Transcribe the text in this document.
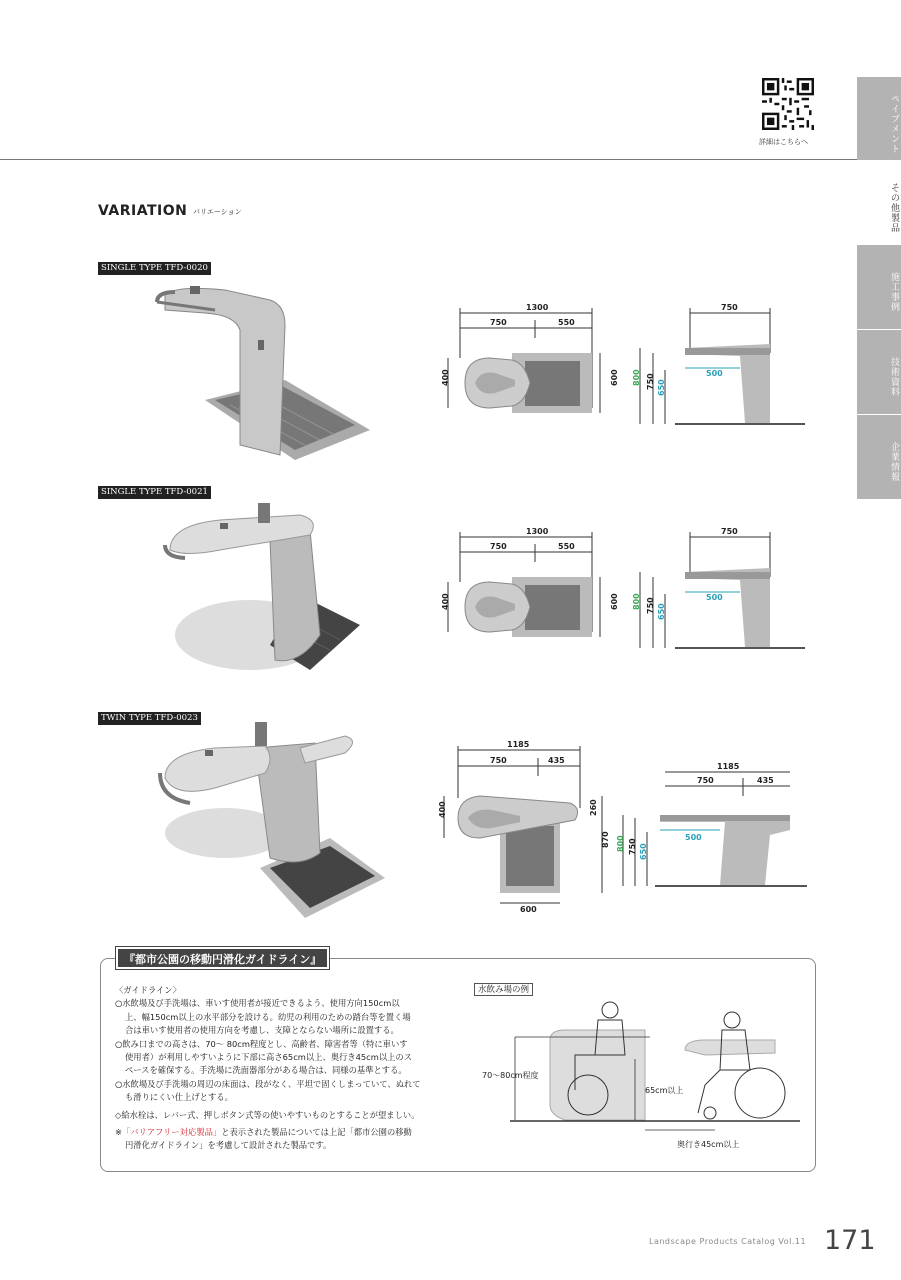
ペイブメント
その他製品
施工事例
技術資料
企業情報
詳細はこちらへ
VARIATION バリエーション
SINGLE TYPE TFD-0020
1300
750	550
400	600
750
800 750 650
500
SINGLE TYPE TFD-0021
1300
750	550
400	600
750
800 750 650
500
TWIN TYPE TFD-0023
1185
750	435
400	260
870
600
1185
750	435
800 750 650
500
『都市公園の移動円滑化ガイドライン』

〈ガイドライン〉

○水飲場及び手洗場は、車いす使用者が接近できるよう、使用方向150cm以

上、幅150cm以上の水平部分を設ける。幼児の利用のための踏台等を置く場

合は車いす使用者の使用方向を考慮し、支障とならない場所に設置する。

○飲み口までの高さは、70～ 80cm程度とし、高齢者、障害者等（特に車いす

使用者）が利用しやすいように下部に高さ65cm以上、奥行き45cm以上のス

ペースを確保する。手洗場に洗面器部分がある場合は、同様の基準とする。

○水飲場及び手洗場の周辺の床面は、段がなく、平坦で固くしまっていて、ぬれて

も滑りにくい仕上げとする。

◇給水栓は、レバー式、押しボタン式等の使いやすいものとすることが望ましい。

※「バリアフリー対応製品」と表示された製品については上記「都市公園の移動

円滑化ガイドライン」を考慮して設計された製品です。

水飲み場の例
70～80cm程度
65cm以上
奥行き45cm以上
Landscape Products Catalog Vol.11 171
